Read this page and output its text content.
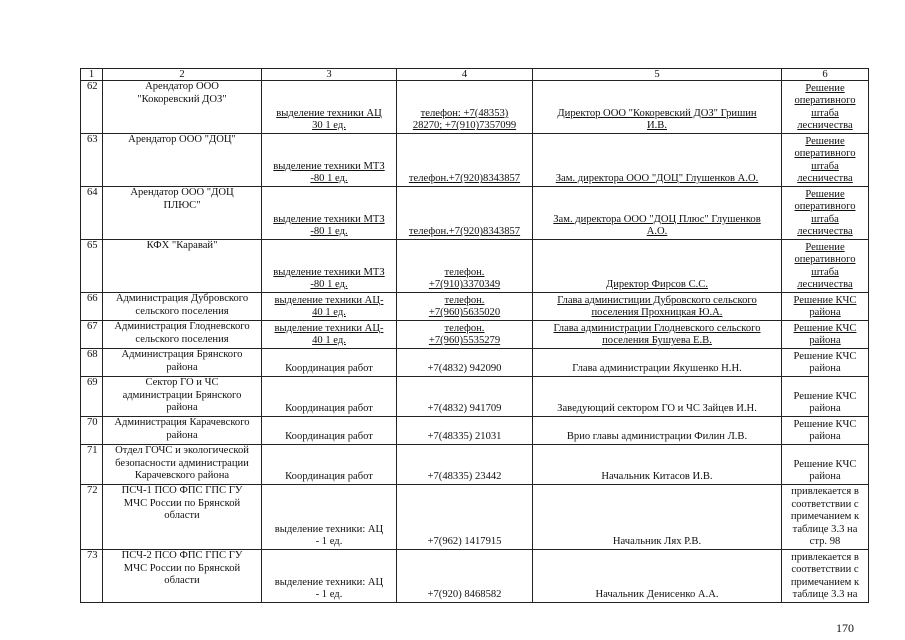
1	2	3	4	5	6
62	Арендатор ООО
"Кокоревский ДОЗ"	выделение техники АЦ
30 1 ед.	телефон: +7(48353)
28270; +7(910)7357099	Директор ООО "Кокоревский ДОЗ" Гришин
И.В.	Решение
оперативного
штаба
лесничества
63	Арендатор ООО "ДОЦ"	выделение техники МТЗ
-80 1 ед.	телефон.+7(920)8343857	Зам. директора ООО "ДОЦ" Глушенков А.О.	Решение
оперативного
штаба
лесничества
64	Арендатор ООО "ДОЦ
ПЛЮС"	выделение техники МТЗ
-80 1 ед.	телефон.+7(920)8343857	Зам. директора ООО "ДОЦ Плюс" Глушенков
А.О.	Решение
оперативного
штаба
лесничества
65	КФХ "Каравай"	выделение техники МТЗ
-80 1 ед.	телефон.
+7(910)3370349	Директор Фирсов С.С.	Решение
оперативного
штаба
лесничества
66	Администрация Дубровского
сельского поселения	выделение техники АЦ-
40 1 ед.	телефон.
+7(960)5635020	Глава администиции Дубровского сельского
поселения Прохницкая Ю.А.	Решение КЧС
района
67	Администрация Глодневского
сельского поселения	выделение техники АЦ-
40 1 ед.	телефон.
+7(960)5535279	Глава администрации Глодневского сельского
поселения Бушуева Е.В.	Решение КЧС
района
68	Администрация Брянского
района	Координация работ	+7(4832) 942090	Глава администрации Якушенко Н.Н.	Решение КЧС
района
69	Сектор ГО и ЧС
администрации Брянского
района	Координация работ	+7(4832) 941709	Заведующий сектором ГО и ЧС Зайцев И.Н.	Решение КЧС
района
70	Администрация Карачевского
района	Координация работ	+7(48335) 21031	Врио главы администрации Филин Л.В.	Решение КЧС
района
71	Отдел ГОЧС и экологической
безопасности администрации
Карачевского района	Координация работ	+7(48335) 23442	Начальник Китасов И.В.	Решение КЧС
района
72	ПСЧ-1 ПСО ФПС ГПС ГУ
МЧС России по Брянской
области	выделение техники: АЦ
- 1 ед.	+7(962) 1417915	Начальник Лях Р.В.	привлекается в
соответствии с
примечанием к
таблице 3.3 на
стр. 98
73	ПСЧ-2 ПСО ФПС ГПС ГУ
МЧС России по Брянской
области	выделение техники: АЦ
- 1 ед.	+7(920) 8468582	Начальник Денисенко А.А.	привлекается в
соответствии с
примечанием к
таблице 3.3 на
170
